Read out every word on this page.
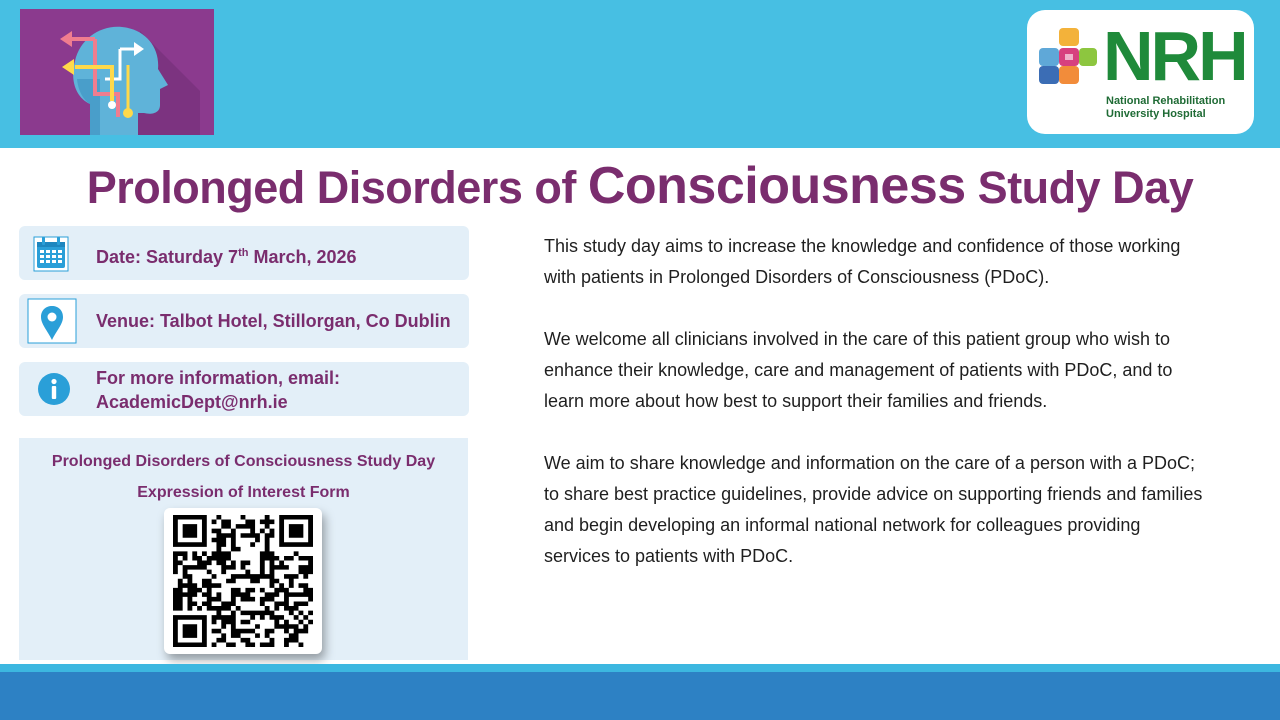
NRH
National Rehabilitation
University Hospital
Prolonged Disorders of Consciousness Study Day
Date: Saturday 7th March, 2026
Venue: Talbot Hotel, Stillorgan, Co Dublin
For more information, email:
AcademicDept@nrh.ie
Prolonged Disorders of Consciousness Study Day
Expression of Interest Form

This study day aims to increase the knowledge and confidence of those working with patients in Prolonged Disorders of Consciousness (PDoC).

We welcome all clinicians involved in the care of this patient group who wish to enhance their knowledge, care and management of patients with PDoC, and to learn more about how best to support their families and friends.

We aim to share knowledge and information on the care of a person with a PDoC; to share best practice guidelines, provide advice on supporting friends and families and begin developing an informal national network for colleagues providing services to patients with PDoC.
